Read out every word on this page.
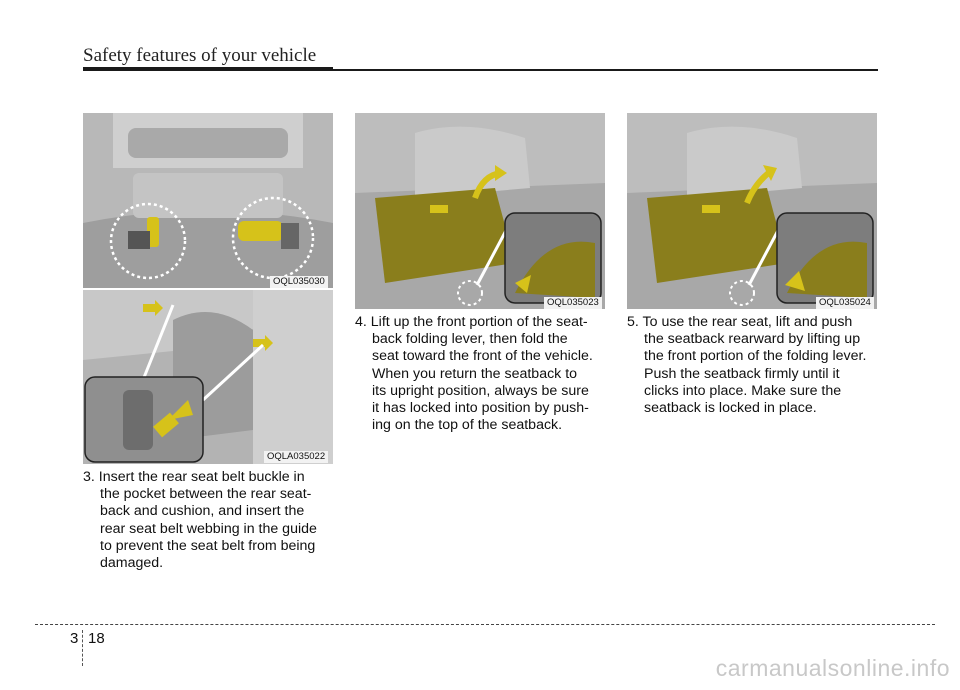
Safety features of your vehicle
OQL035030
OQLA035022
OQL035023	OQL035024
3. Insert the rear seat belt buckle in
the pocket between the rear seat-
back and cushion, and insert the
rear seat belt webbing in the guide
to prevent the seat belt from being
damaged.
4. Lift up the front portion of the seat-
back folding lever, then fold the
seat toward the front of the vehicle.
When you return the seatback to
its upright position, always be sure
it has locked into position by push-
ing on the top of the seatback.
5. To use the rear seat, lift and push
the seatback rearward by lifting up
the front portion of the folding lever.
Push the seatback firmly until it
clicks into place. Make sure the
seatback is locked in place.
3 18
carmanualsonline.info
